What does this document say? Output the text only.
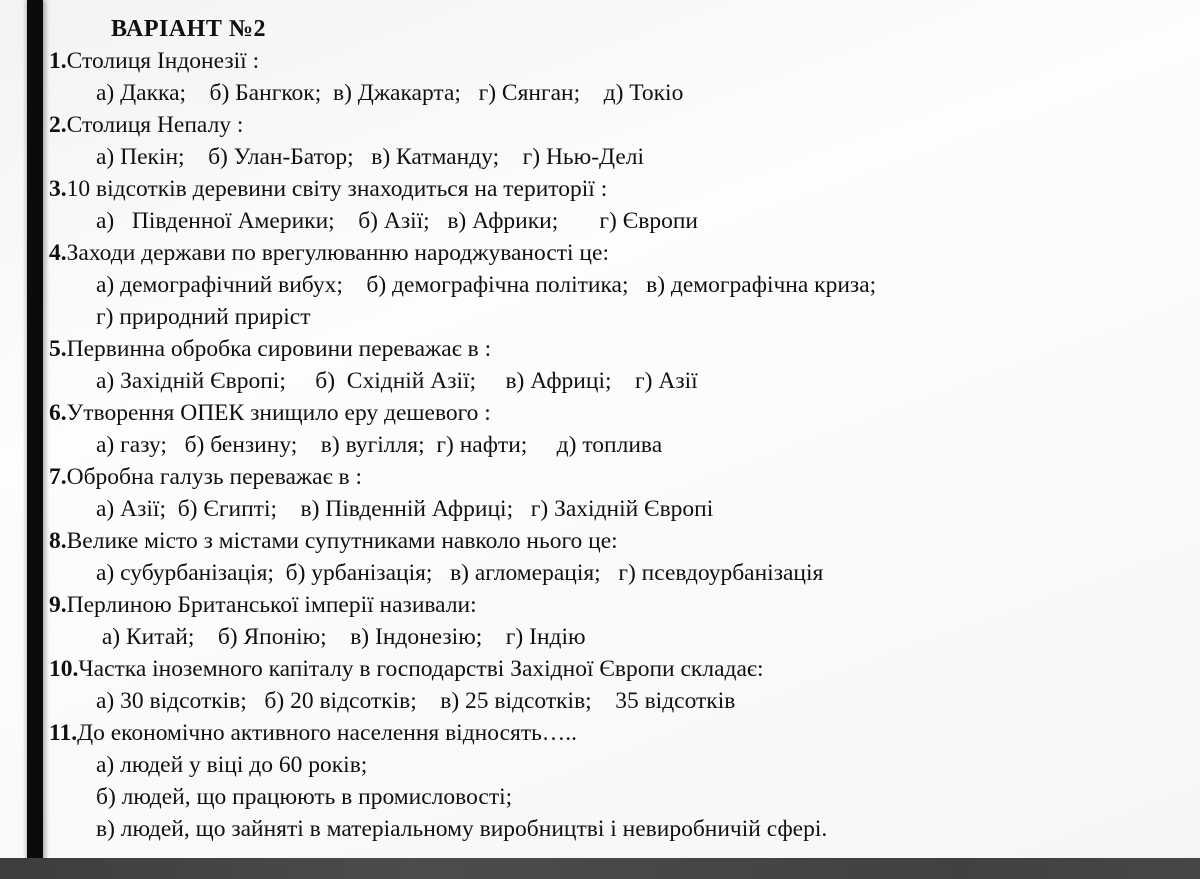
ВАРІАНТ №2
1.Столиця Індонезії :
а) Дакка;    б) Бангкок;  в) Джакарта;   г) Сянган;    д) Токіо
2.Столиця Непалу :
а) Пекін;    б) Улан-Батор;   в) Катманду;    г) Нью-Делі
3.10 відсотків деревини світу знаходиться на території :
а)   Південної Америки;    б) Азії;   в) Африки;       г) Європи
4.Заходи держави по врегулюванню народжуваності це:
а) демографічний вибух;    б) демографічна політика;   в) демографічна криза;
г) природний приріст
5.Первинна обробка сировини переважає в :
а) Західній Європі;     б)  Східній Азії;     в) Африці;    г) Азії
6.Утворення ОПЕК знищило еру дешевого :
а) газу;   б) бензину;    в) вугілля;  г) нафти;     д) топлива
7.Обробна галузь переважає в :
а) Азії;  б) Єгипті;    в) Південній Африці;   г) Західній Європі
8.Велике місто з містами супутниками навколо нього це:
а) субурбанізація;  б) урбанізація;   в) агломерація;   г) псевдоурбанізація
9.Перлиною Британської імперії називали:
а) Китай;    б) Японію;    в) Індонезію;    г) Індію
10.Частка іноземного капіталу в господарстві Західної Європи складає:
а) 30 відсотків;   б) 20 відсотків;    в) 25 відсотків;    35 відсотків
11.До економічно активного населення відносять…..
а) людей у віці до 60 років;
б) людей, що працюють в промисловості;
в) людей, що зайняті в матеріальному виробництві і невиробничій сфері.
